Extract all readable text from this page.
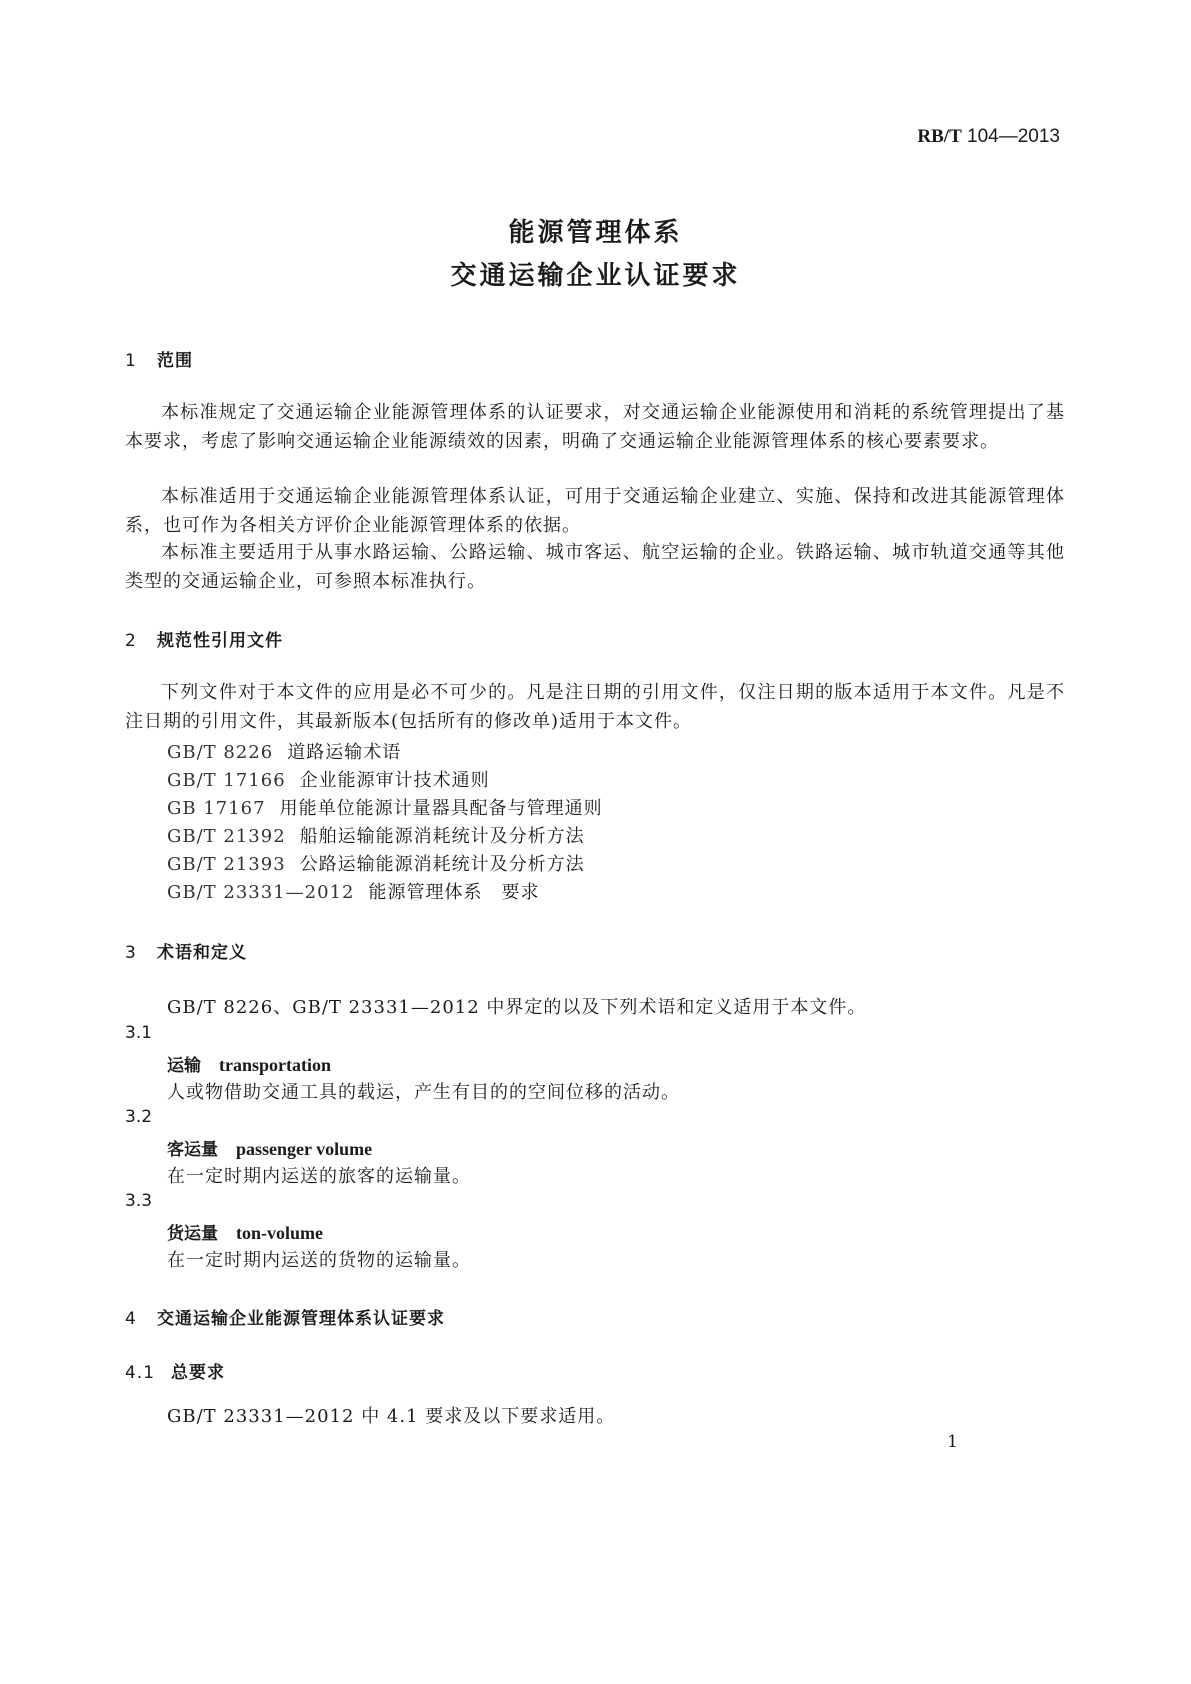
RB/T 104—2013
能源管理体系
交通运输企业认证要求
1 范围
本标准规定了交通运输企业能源管理体系的认证要求，对交通运输企业能源使用和消耗的系统管理提出了基本要求，考虑了影响交通运输企业能源绩效的因素，明确了交通运输企业能源管理体系的核心要素要求。
本标准适用于交通运输企业能源管理体系认证，可用于交通运输企业建立、实施、保持和改进其能源管理体系，也可作为各相关方评价企业能源管理体系的依据。
本标准主要适用于从事水路运输、公路运输、城市客运、航空运输的企业。铁路运输、城市轨道交通等其他类型的交通运输企业，可参照本标准执行。
2 规范性引用文件
下列文件对于本文件的应用是必不可少的。凡是注日期的引用文件，仅注日期的版本适用于本文件。凡是不注日期的引用文件，其最新版本(包括所有的修改单)适用于本文件。
GB/T 8226 道路运输术语
GB/T 17166 企业能源审计技术通则
GB 17167 用能单位能源计量器具配备与管理通则
GB/T 21392 船舶运输能源消耗统计及分析方法
GB/T 21393 公路运输能源消耗统计及分析方法
GB/T 23331—2012 能源管理体系　要求
3 术语和定义
GB/T 8226、GB/T 23331—2012 中界定的以及下列术语和定义适用于本文件。
3.1
运输 transportation
人或物借助交通工具的载运，产生有目的的空间位移的活动。
3.2
客运量 passenger volume
在一定时期内运送的旅客的运输量。
3.3
货运量 ton-volume
在一定时期内运送的货物的运输量。
4 交通运输企业能源管理体系认证要求
4.1 总要求
GB/T 23331—2012 中 4.1 要求及以下要求适用。
1
